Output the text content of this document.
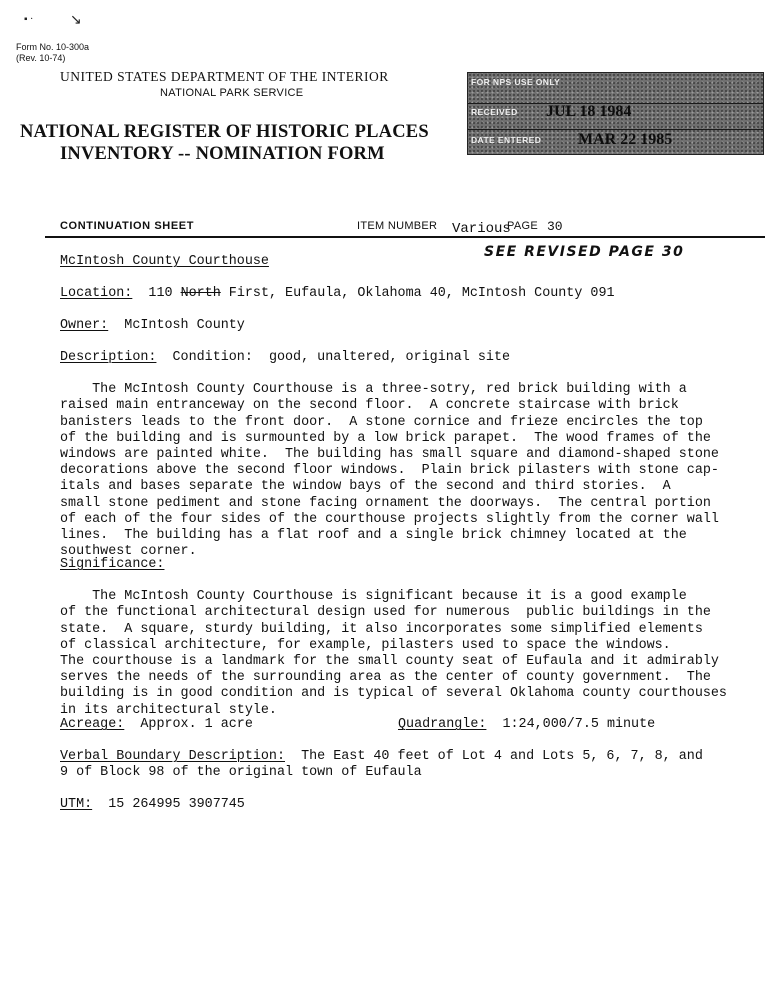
▪ ·	↘
Form No. 10-300a
(Rev. 10-74)
UNITED STATES DEPARTMENT OF THE INTERIOR
NATIONAL PARK SERVICE
NATIONAL REGISTER OF HISTORIC PLACES
INVENTORY -- NOMINATION FORM
FOR NPS USE ONLY
RECEIVED JUL 18 1984
DATE ENTERED MAR 22 1985
CONTINUATION SHEET	ITEM NUMBER Various
PAGE 30
SEE REVISED PAGE 30
McIntosh County Courthouse
Location: 110 North First, Eufaula, Oklahoma 40, McIntosh County 091
Owner: McIntosh County
Description: Condition:  good, unaltered, original site

The McIntosh County Courthouse is a three-sotry, red brick building with a
raised main entranceway on the second floor.  A concrete staircase with brick
banisters leads to the front door.  A stone cornice and frieze encircles the top
of the building and is surmounted by a low brick parapet.  The wood frames of the
windows are painted white.  The building has small square and diamond-shaped stone
decorations above the second floor windows.  Plain brick pilasters with stone cap-
itals and bases separate the window bays of the second and third stories.  A
small stone pediment and stone facing ornament the doorways.  The central portion
of each of the four sides of the courthouse projects slightly from the corner wall
lines.  The building has a flat roof and a single brick chimney located at the
southwest corner.
Significance:

The McIntosh County Courthouse is significant because it is a good example
of the functional architectural design used for numerous  public buildings in the
state.  A square, sturdy building, it also incorporates some simplified elements
of classical architecture, for example, pilasters used to space the windows.
The courthouse is a landmark for the small county seat of Eufaula and it admirably
serves the needs of the surrounding area as the center of county government.  The
building is in good condition and is typical of several Oklahoma county courthouses
in its architectural style.
Acreage: Approx. 1 acre	Quadrangle: 1:24,000/7.5 minute
Verbal Boundary Description: The East 40 feet of Lot 4 and Lots 5, 6, 7, 8, and
9 of Block 98 of the original town of Eufaula
UTM: 15 264995 3907745
